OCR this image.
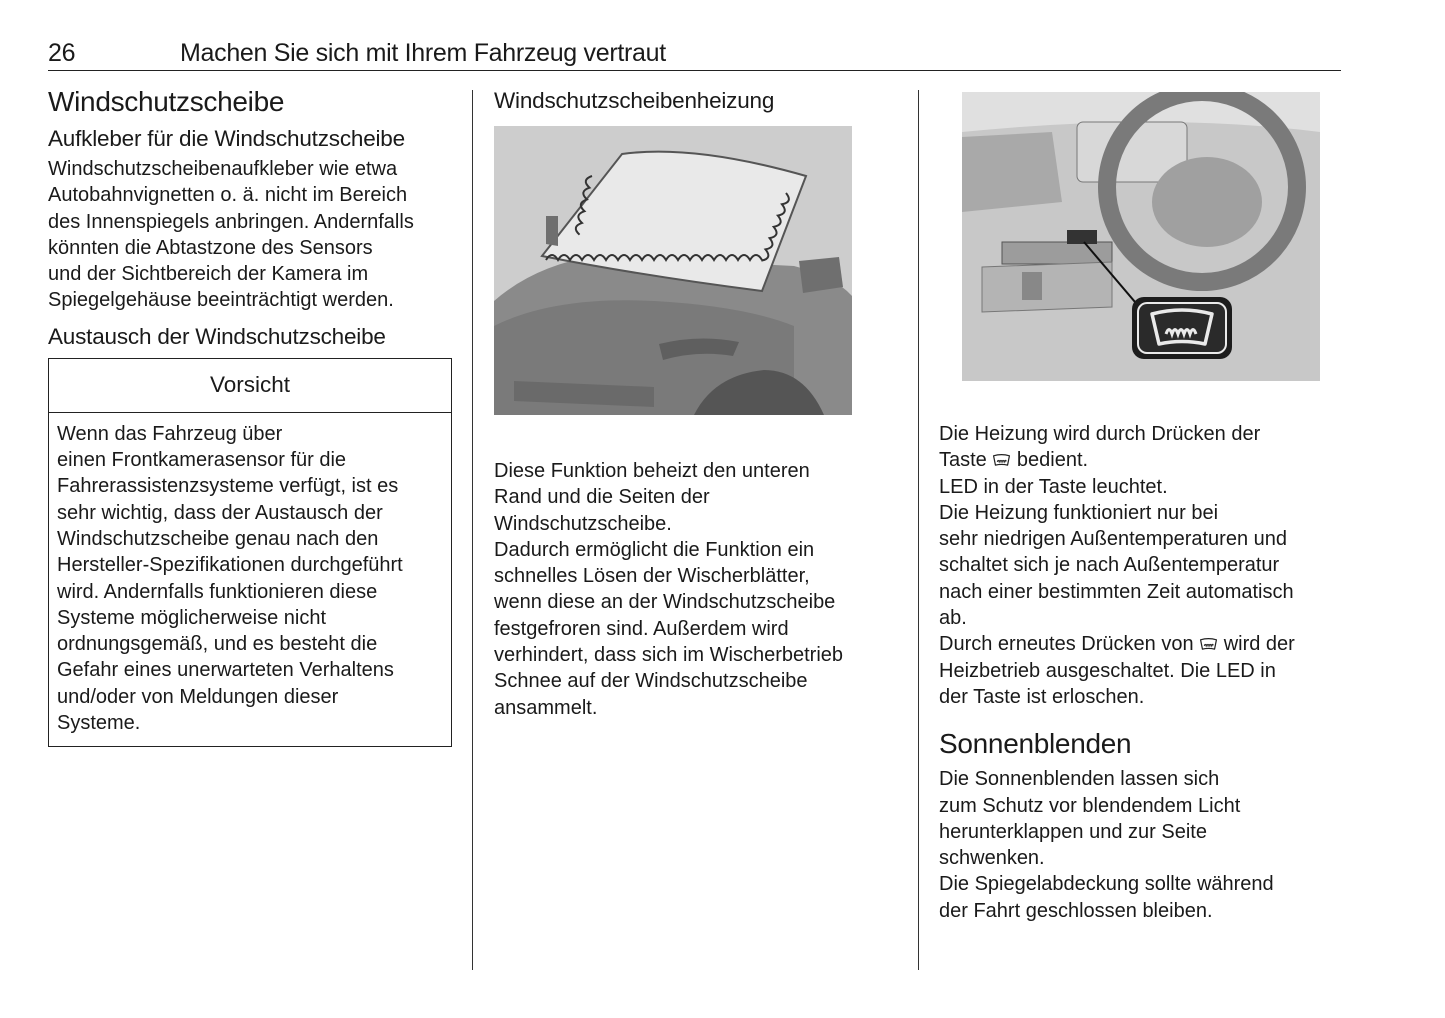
26	Machen Sie sich mit Ihrem Fahrzeug vertraut
Windschutzscheibe
Aufkleber für die Windschutzscheibe

Windschutzscheibenaufkleber wie etwa
Autobahnvignetten o. ä. nicht im Bereich
des Innenspiegels anbringen. Andernfalls
könnten die Abtastzone des Sensors
und der Sichtbereich der Kamera im
Spiegelgehäuse beeinträchtigt werden.

Austausch der Windschutzscheibe
Vorsicht

Wenn das Fahrzeug über
einen Frontkamerasensor für die
Fahrerassistenzsysteme verfügt, ist es
sehr wichtig, dass der Austausch der
Windschutzscheibe genau nach den
Hersteller-Spezifikationen durchgeführt
wird. Andernfalls funktionieren diese
Systeme möglicherweise nicht
ordnungsgemäß, und es besteht die
Gefahr eines unerwarteten Verhaltens
und/oder von Meldungen dieser
Systeme.

Windschutzscheibenheizung

Diese Funktion beheizt den unteren
Rand und die Seiten der
Windschutzscheibe.
Dadurch ermöglicht die Funktion ein
schnelles Lösen der Wischerblätter,
wenn diese an der Windschutzscheibe
festgefroren sind. Außerdem wird
verhindert, dass sich im Wischerbetrieb
Schnee auf der Windschutzscheibe
ansammelt.

Die Heizung wird durch Drücken der
Taste  bedient.
LED in der Taste leuchtet.
Die Heizung funktioniert nur bei
sehr niedrigen Außentemperaturen und
schaltet sich je nach Außentemperatur
nach einer bestimmten Zeit automatisch
ab.
Durch erneutes Drücken von  wird der
Heizbetrieb ausgeschaltet. Die LED in
der Taste ist erloschen.

Sonnenblenden

Die Sonnenblenden lassen sich
zum Schutz vor blendendem Licht
herunterklappen und zur Seite
schwenken.
Die Spiegelabdeckung sollte während
der Fahrt geschlossen bleiben.
